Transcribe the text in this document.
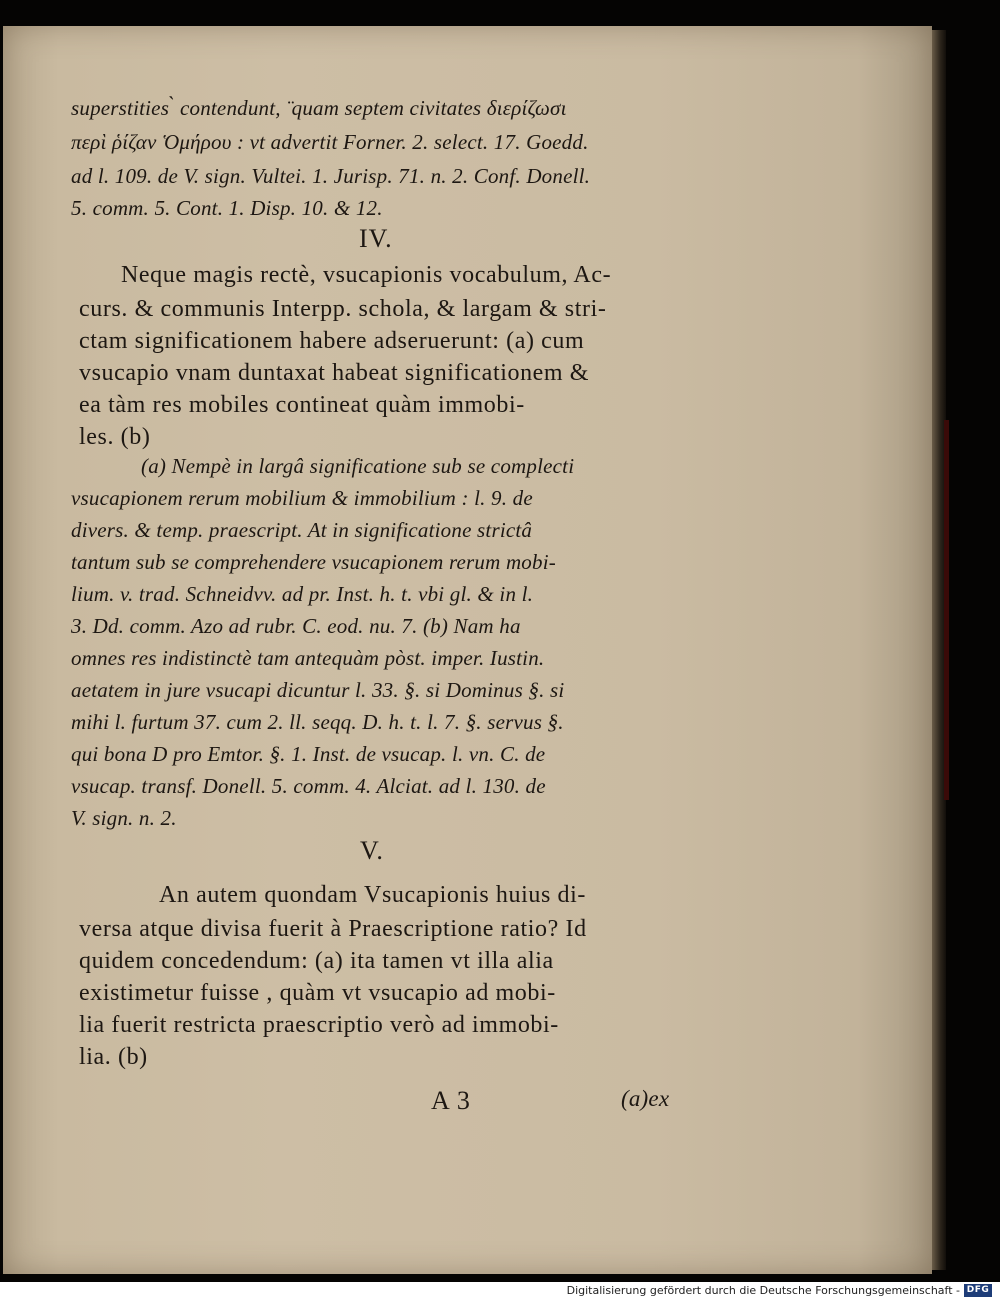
superstities ̀ contendunt, ̈ quam septem civitates διερίζωσι
περὶ ῥίζαν Ὁμήρου : vt advertit Forner. 2. select. 17. Goedd.
ad l. 109. de V. sign. Vultei. 1. Jurisp. 71. n. 2. Conf. Donell.
5. comm. 5. Cont. 1. Disp. 10. & 12.
IV.
Neque magis rectè, vsucapionis vocabulum, Ac-
curs. & communis Interpp. schola, & largam & stri-
ctam significationem habere adseruerunt: (a) cum
vsucapio vnam duntaxat habeat significationem &
ea tàm res mobiles contineat quàm immobi-
les. (b)
(a) Nempè in largâ significatione sub se complecti
vsucapionem rerum mobilium & immobilium : l. 9. de
divers. & temp. praescript. At in significatione strictâ
tantum sub se comprehendere vsucapionem rerum mobi-
lium. v. trad. Schneidvv. ad pr. Inst. h. t. vbi gl. & in l.
3. Dd. comm. Azo ad rubr. C. eod. nu. 7. (b) Nam ha
omnes res indistinctè tam antequàm pòst. imper. Iustin.
aetatem in jure vsucapi dicuntur l. 33. §. si Dominus §. si
mihi l. furtum 37. cum 2. ll. seqq. D. h. t. l. 7. §. servus §.
qui bona D pro Emtor. §. 1. Inst. de vsucap. l. vn. C. de
vsucap. transf. Donell. 5. comm. 4. Alciat. ad l. 130. de
V. sign. n. 2.
V.
An autem quondam Vsucapionis huius di-
versa atque divisa fuerit à Praescriptione ratio? Id
quidem concedendum: (a) ita tamen vt illa alia
existimetur fuisse , quàm vt vsucapio ad mobi-
lia fuerit restricta praescriptio verò ad immobi-
lia. (b)
A 3	(a)ex
Digitalisierung gefördert durch die Deutsche Forschungsgemeinschaft - DFG
